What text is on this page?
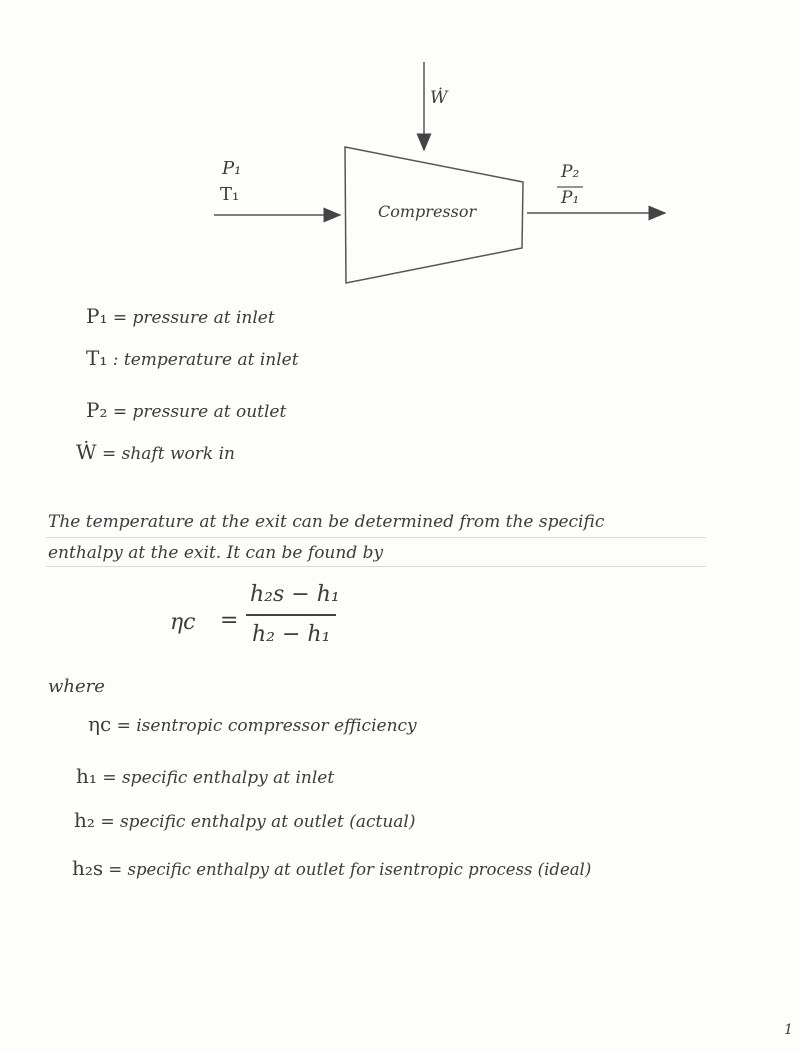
Ẇ
Compressor
P₁
T₁
P₂
P₁
P₁ = pressure at inlet
T₁ : temperature at inlet
P₂ = pressure at outlet
Ẇ = shaft work in
The temperature at the exit can be determined from the specific
enthalpy at the exit. It can be found by
ηc =
h₂s − h₁
h₂ − h₁
where
ηc = isentropic compressor efficiency
h₁ = specific enthalpy at inlet
h₂ = specific enthalpy at outlet (actual)
h₂s = specific enthalpy at outlet for isentropic process (ideal)
1
